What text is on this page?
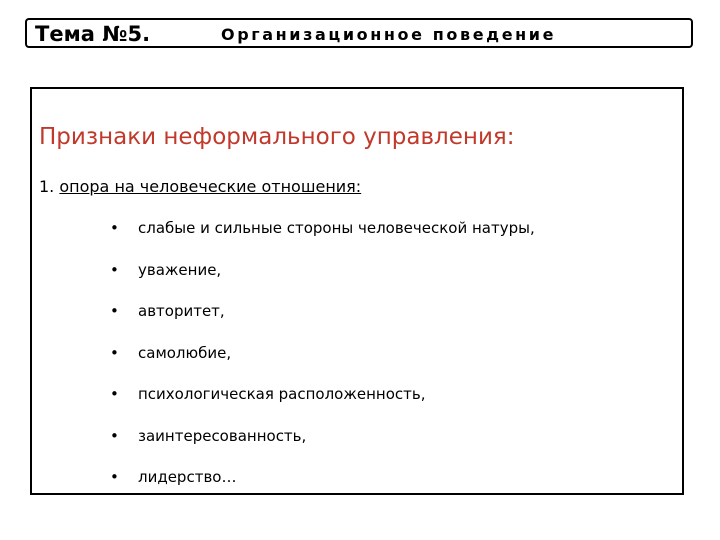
Тема №5.	Организационное поведение
Признаки неформального управления:
1. опора на человеческие отношения:
• слабые и сильные стороны человеческой натуры,
• уважение,
• авторитет,
• самолюбие,
• психологическая расположенность,
• заинтересованность,
• лидерство…
